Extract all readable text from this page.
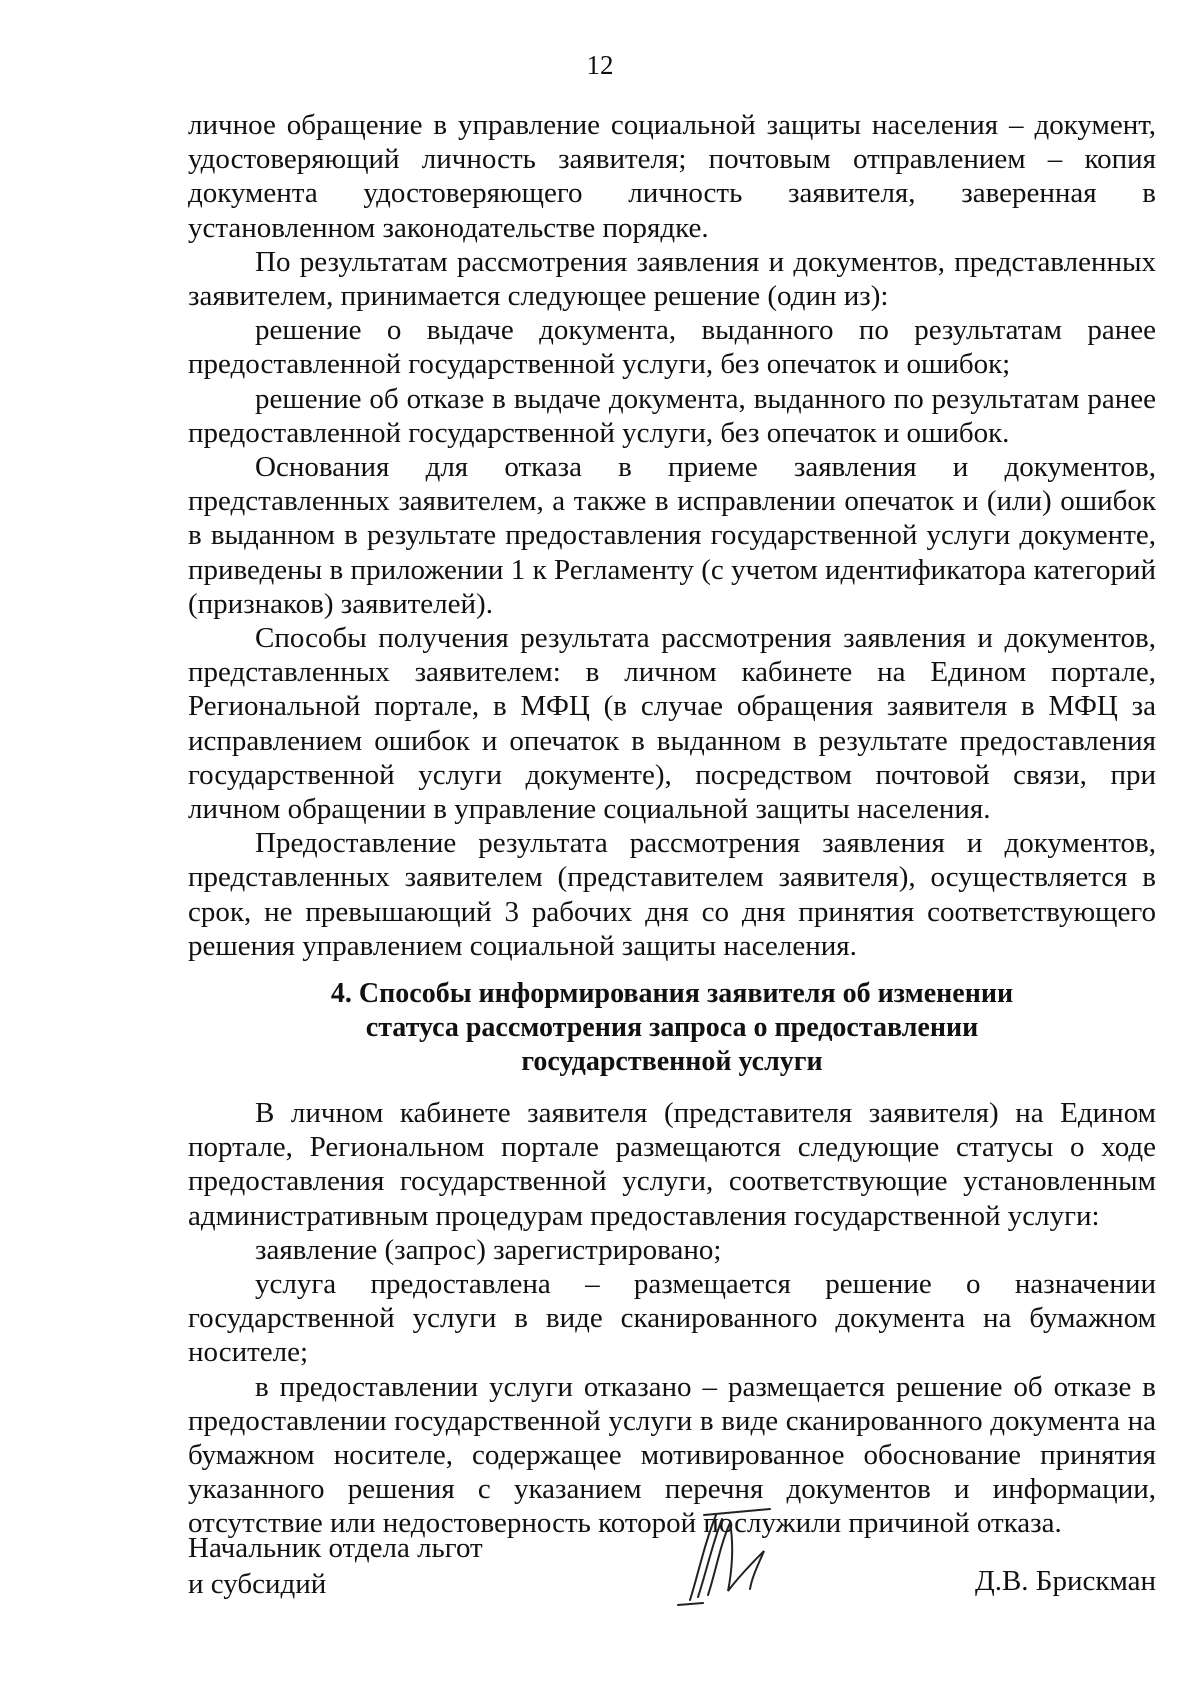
12

личное обращение в управление социальной защиты населения – документ, удостоверяющий личность заявителя; почтовым отправлением – копия документа удостоверяющего личность заявителя, заверенная в установленном законодательстве порядке.

По результатам рассмотрения заявления и документов, представленных заявителем, принимается следующее решение (один из):

решение о выдаче документа, выданного по результатам ранее предоставленной государственной услуги, без опечаток и ошибок;

решение об отказе в выдаче документа, выданного по результатам ранее предоставленной государственной услуги, без опечаток и ошибок.

Основания для отказа в приеме заявления и документов, представленных заявителем, а также в исправлении опечаток и (или) ошибок в выданном в результате предоставления государственной услуги документе, приведены в приложении 1 к Регламенту (с учетом идентификатора категорий (признаков) заявителей).

Способы получения результата рассмотрения заявления и документов, представленных заявителем: в личном кабинете на Едином портале, Региональной портале, в МФЦ (в случае обращения заявителя в МФЦ за исправлением ошибок и опечаток в выданном в результате предоставления государственной услуги документе), посредством почтовой связи, при личном обращении в управление социальной защиты населения.

Предоставление результата рассмотрения заявления и документов, представленных заявителем (представителем заявителя), осуществляется в срок, не превышающий 3 рабочих дня со дня принятия соответствующего решения управлением социальной защиты населения.

4. Способы информирования заявителя об изменении
статуса рассмотрения запроса о предоставлении
государственной услуги

В личном кабинете заявителя (представителя заявителя) на Едином портале, Региональном портале размещаются следующие статусы о ходе предоставления государственной услуги, соответствующие установленным административным процедурам предоставления государственной услуги:

заявление (запрос) зарегистрировано;

услуга предоставлена – размещается решение о назначении государственной услуги в виде сканированного документа на бумажном носителе;

в предоставлении услуги отказано – размещается решение об отказе в предоставлении государственной услуги в виде сканированного документа на бумажном носителе, содержащее мотивированное обоснование принятия указанного решения с указанием перечня документов и информации, отсутствие или недостоверность которой послужили причиной отказа.

Начальник отдела льгот
и субсидий	Д.В. Брискман
